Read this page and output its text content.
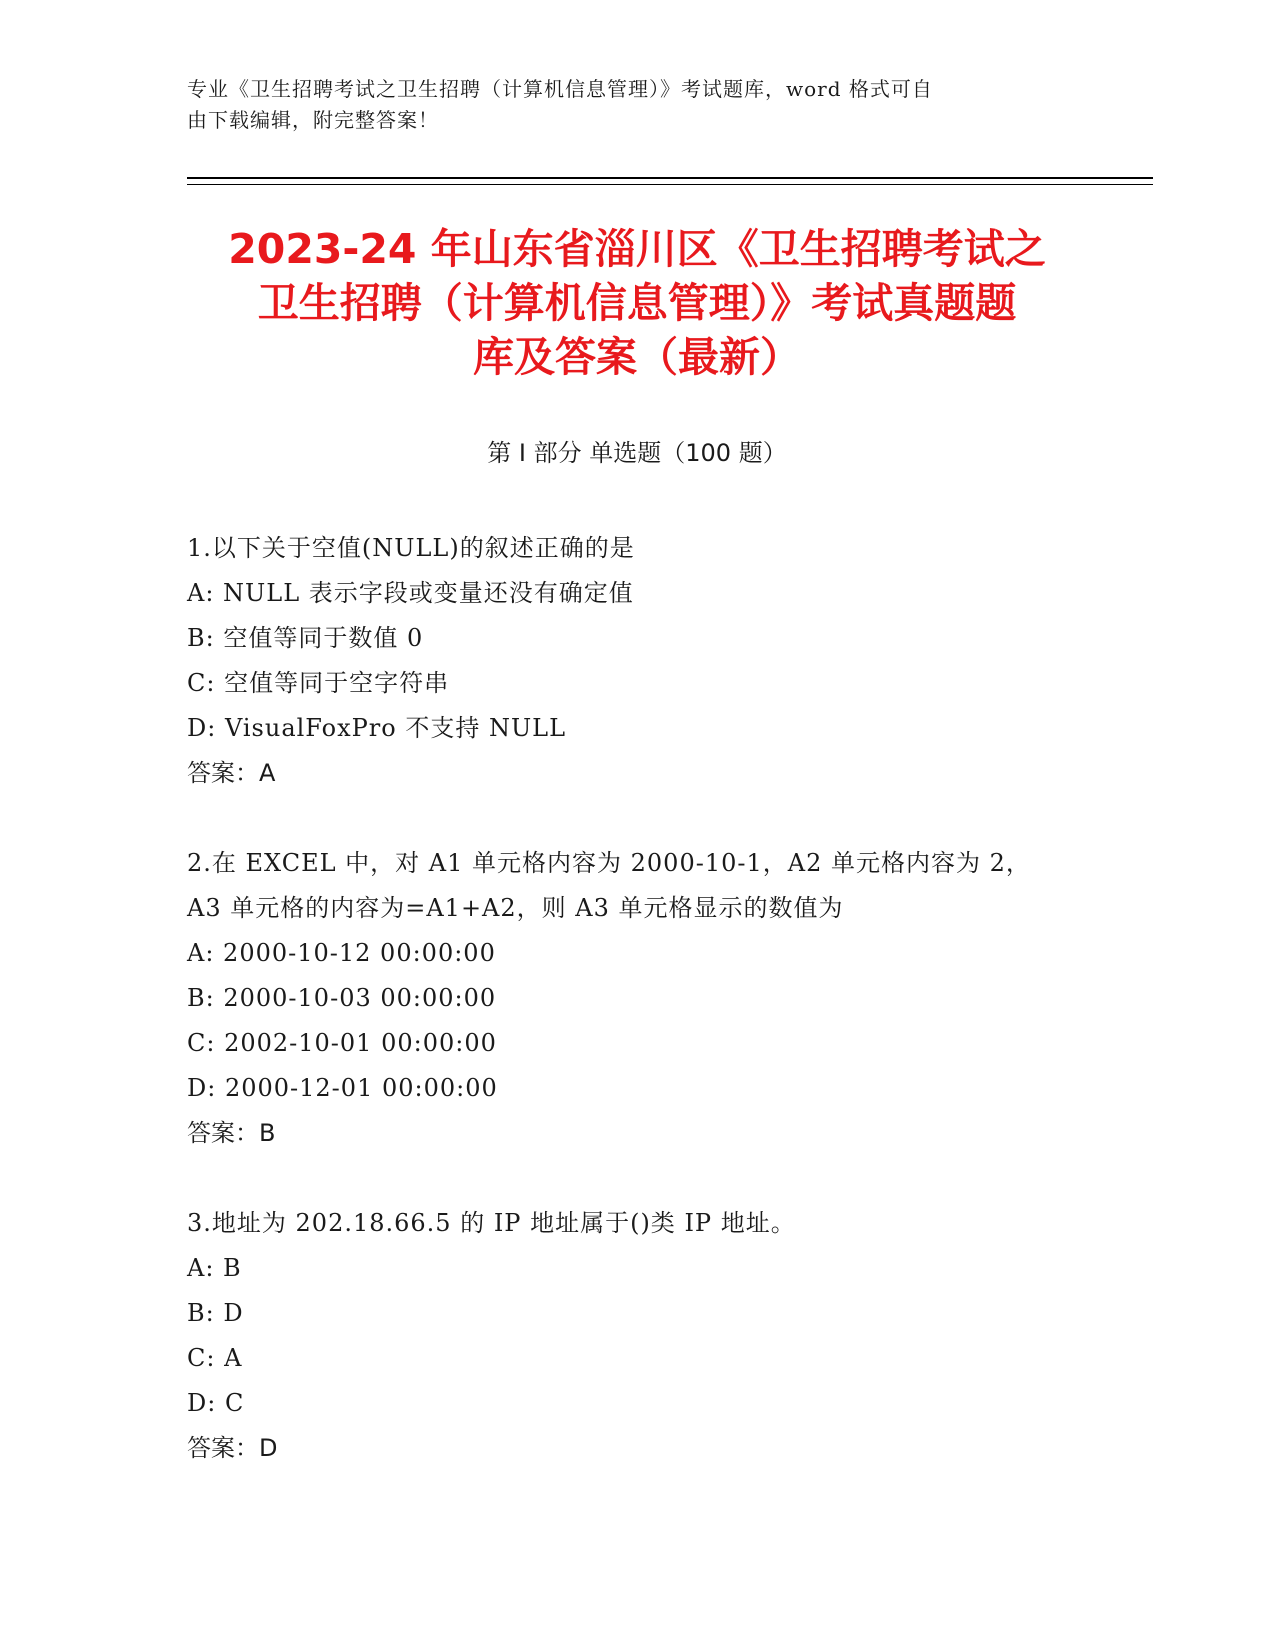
专业《卫生招聘考试之卫生招聘（计算机信息管理）》考试题库，word 格式可自
由下载编辑，附完整答案！
2023-24 年山东省淄川区《卫生招聘考试之
卫生招聘（计算机信息管理）》考试真题题
库及答案（最新）
第 I 部分 单选题（100 题）
1.以下关于空值(NULL)的叙述正确的是
A: NULL 表示字段或变量还没有确定值
B: 空值等同于数值 0
C: 空值等同于空字符串
D: VisualFoxPro 不支持 NULL
答案：A
2.在 EXCEL 中，对 A1 单元格内容为 2000-10-1，A2 单元格内容为 2，
A3 单元格的内容为=A1+A2，则 A3 单元格显示的数值为
A: 2000-10-12 00:00:00
B: 2000-10-03 00:00:00
C: 2002-10-01 00:00:00
D: 2000-12-01 00:00:00
答案：B
3.地址为 202.18.66.5 的 IP 地址属于()类 IP 地址。
A: B
B: D
C: A
D: C
答案：D
